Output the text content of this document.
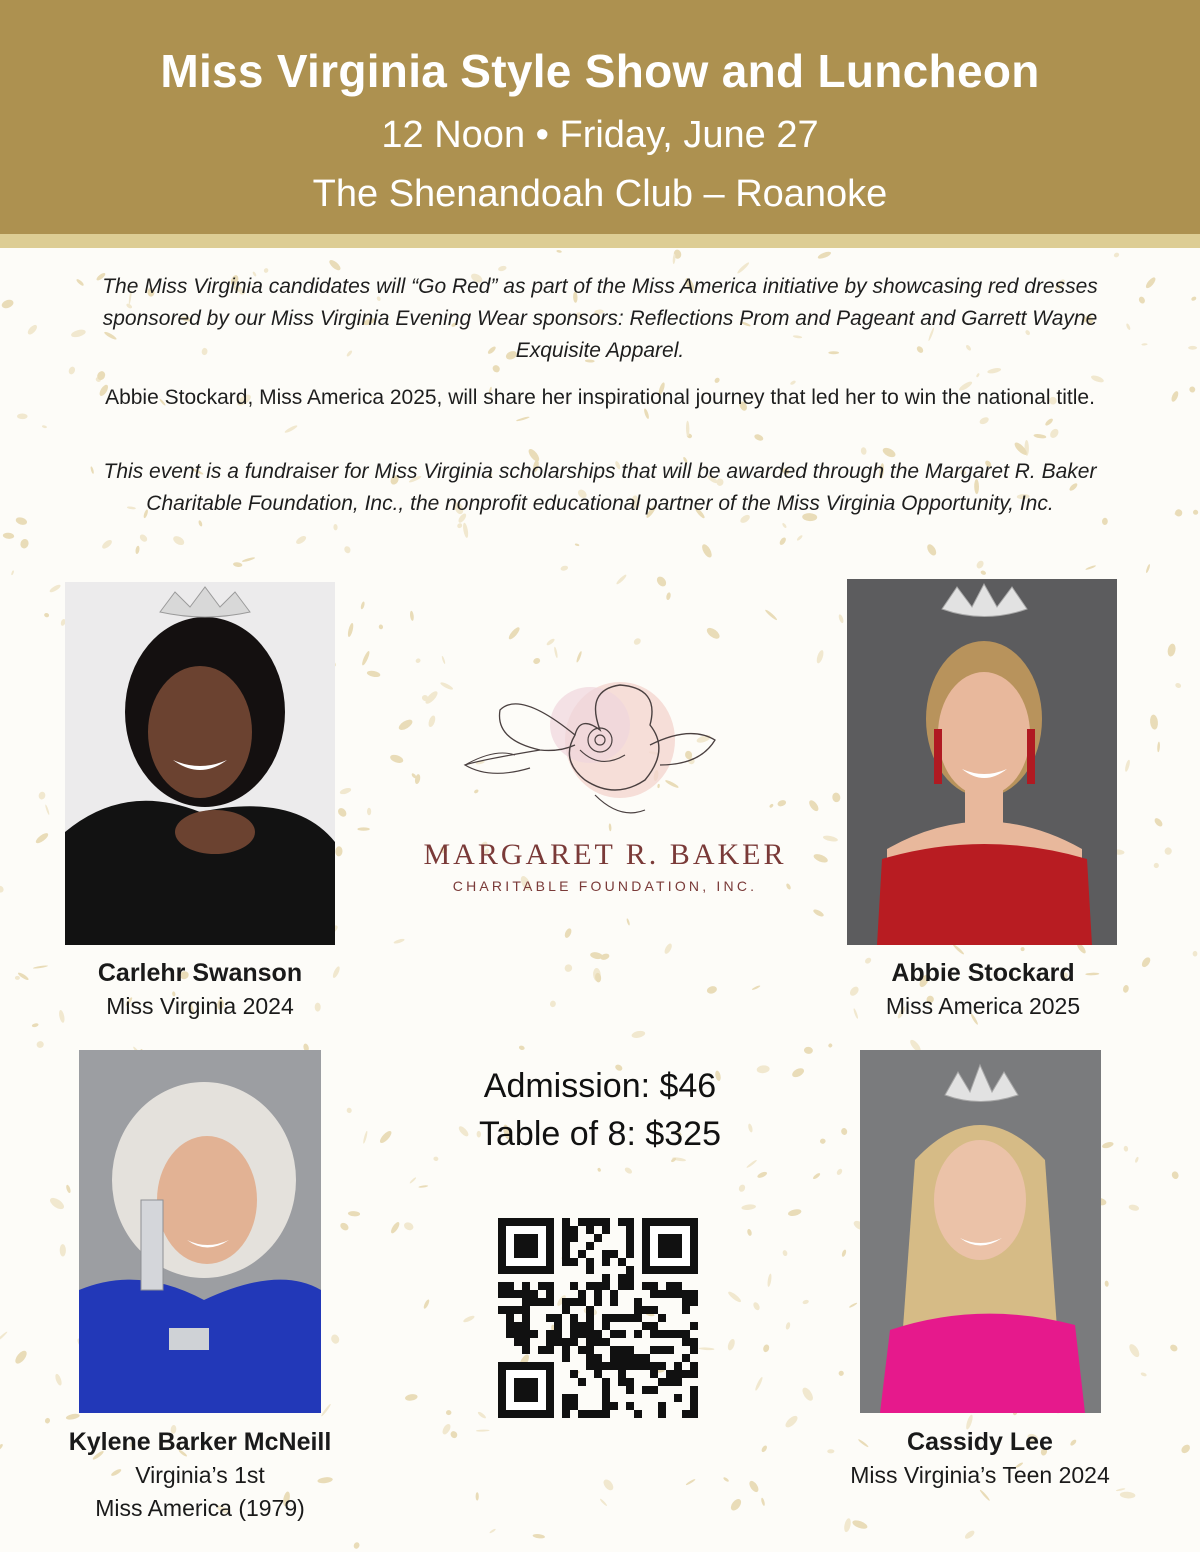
Miss Virginia Style Show and Luncheon
12 Noon • Friday, June 27
The Shenandoah Club – Roanoke
The Miss Virginia candidates will “Go Red” as part of the Miss America initiative by showcasing red dresses sponsored by our Miss Virginia Evening Wear sponsors: Reflections Prom and Pageant and Garrett Wayne Exquisite Apparel.
Abbie Stockard, Miss America 2025, will share her inspirational journey that led her to win the national title.
This event is a fundraiser for Miss Virginia scholarships that will be awarded through the Margaret R. Baker Charitable Foundation, Inc., the nonprofit educational partner of the Miss Virginia Opportunity, Inc.
Carlehr Swanson
Miss Virginia 2024
Abbie Stockard
Miss America 2025
Kylene Barker McNeill
Virginia’s 1st
Miss America (1979)
Cassidy Lee
Miss Virginia’s Teen 2024
MARGARET R. BAKER
CHARITABLE FOUNDATION, INC.
Admission: $46
Table of 8: $325
